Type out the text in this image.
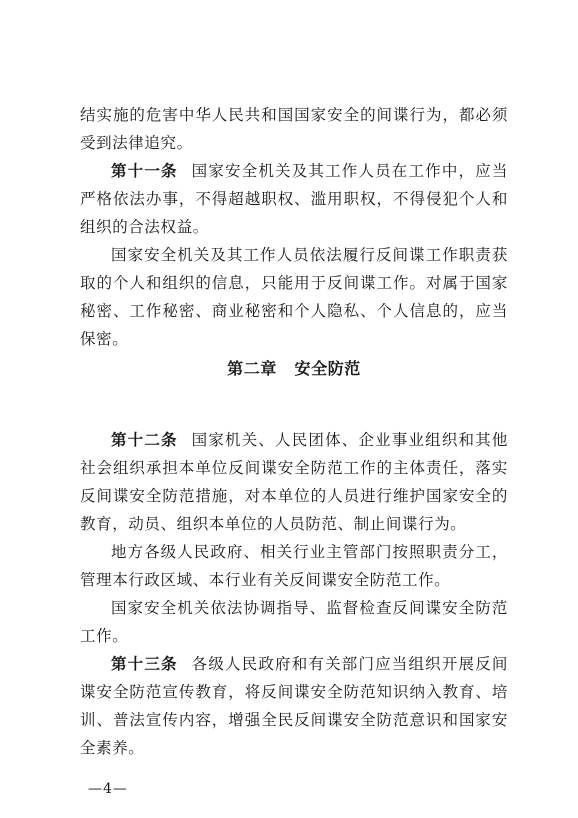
结实施的危害中华人民共和国国家安全的间谍行为，都必须受到法律追究。

第十一条 国家安全机关及其工作人员在工作中，应当严格依法办事，不得超越职权、滥用职权，不得侵犯个人和组织的合法权益。

国家安全机关及其工作人员依法履行反间谍工作职责获取的个人和组织的信息，只能用于反间谍工作。对属于国家秘密、工作秘密、商业秘密和个人隐私、个人信息的，应当保密。

第二章 安全防范

第十二条 国家机关、人民团体、企业事业组织和其他社会组织承担本单位反间谍安全防范工作的主体责任，落实反间谍安全防范措施，对本单位的人员进行维护国家安全的教育，动员、组织本单位的人员防范、制止间谍行为。

地方各级人民政府、相关行业主管部门按照职责分工，管理本行政区域、本行业有关反间谍安全防范工作。

国家安全机关依法协调指导、监督检查反间谍安全防范工作。

第十三条 各级人民政府和有关部门应当组织开展反间谍安全防范宣传教育，将反间谍安全防范知识纳入教育、培训、普法宣传内容，增强全民反间谍安全防范意识和国家安全素养。

—4—
